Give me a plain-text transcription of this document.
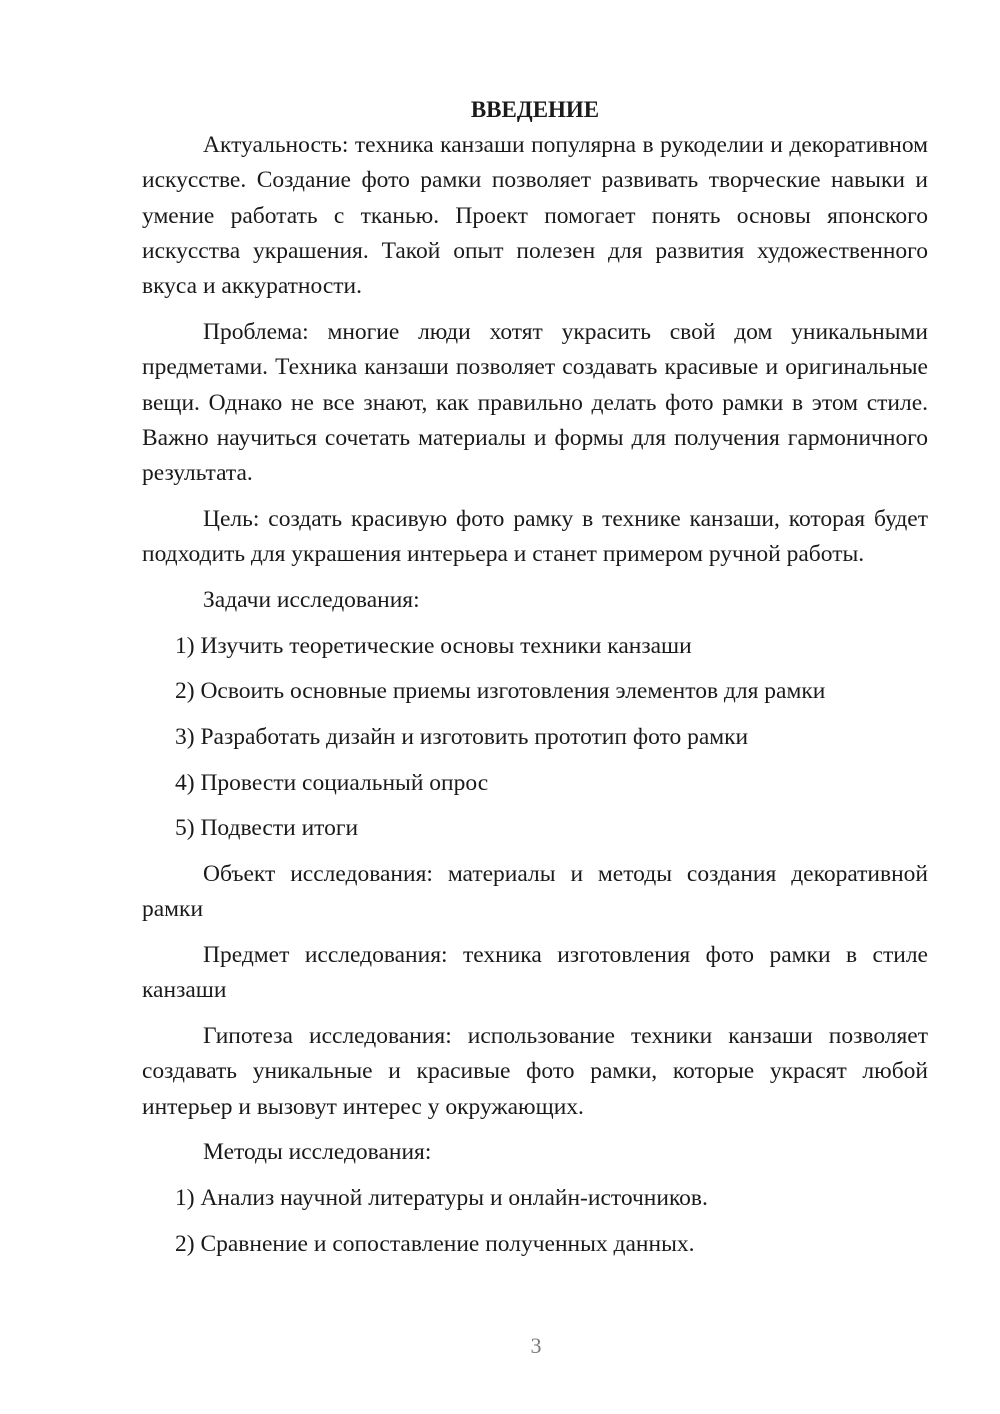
ВВЕДЕНИЕ

Актуальность: техника канзаши популярна в рукоделии и декоративном искусстве. Создание фото рамки позволяет развивать творческие навыки и умение работать с тканью. Проект помогает понять основы японского искусства украшения. Такой опыт полезен для развития художественного вкуса и аккуратности.

Проблема: многие люди хотят украсить свой дом уникальными предметами. Техника канзаши позволяет создавать красивые и оригинальные вещи. Однако не все знают, как правильно делать фото рамки в этом стиле. Важно научиться сочетать материалы и формы для получения гармоничного результата.

Цель: создать красивую фото рамку в технике канзаши, которая будет подходить для украшения интерьера и станет примером ручной работы.

Задачи исследования:

1) Изучить теоретические основы техники канзаши
2) Освоить основные приемы изготовления элементов для рамки
3) Разработать дизайн и изготовить прототип фото рамки
4) Провести социальный опрос
5) Подвести итоги

Объект исследования: материалы и методы создания декоративной рамки

Предмет исследования: техника изготовления фото рамки в стиле канзаши

Гипотеза исследования: использование техники канзаши позволяет создавать уникальные и красивые фото рамки, которые украсят любой интерьер и вызовут интерес у окружающих.

Методы исследования:

1) Анализ научной литературы и онлайн-источников.
2) Сравнение и сопоставление полученных данных.
3
